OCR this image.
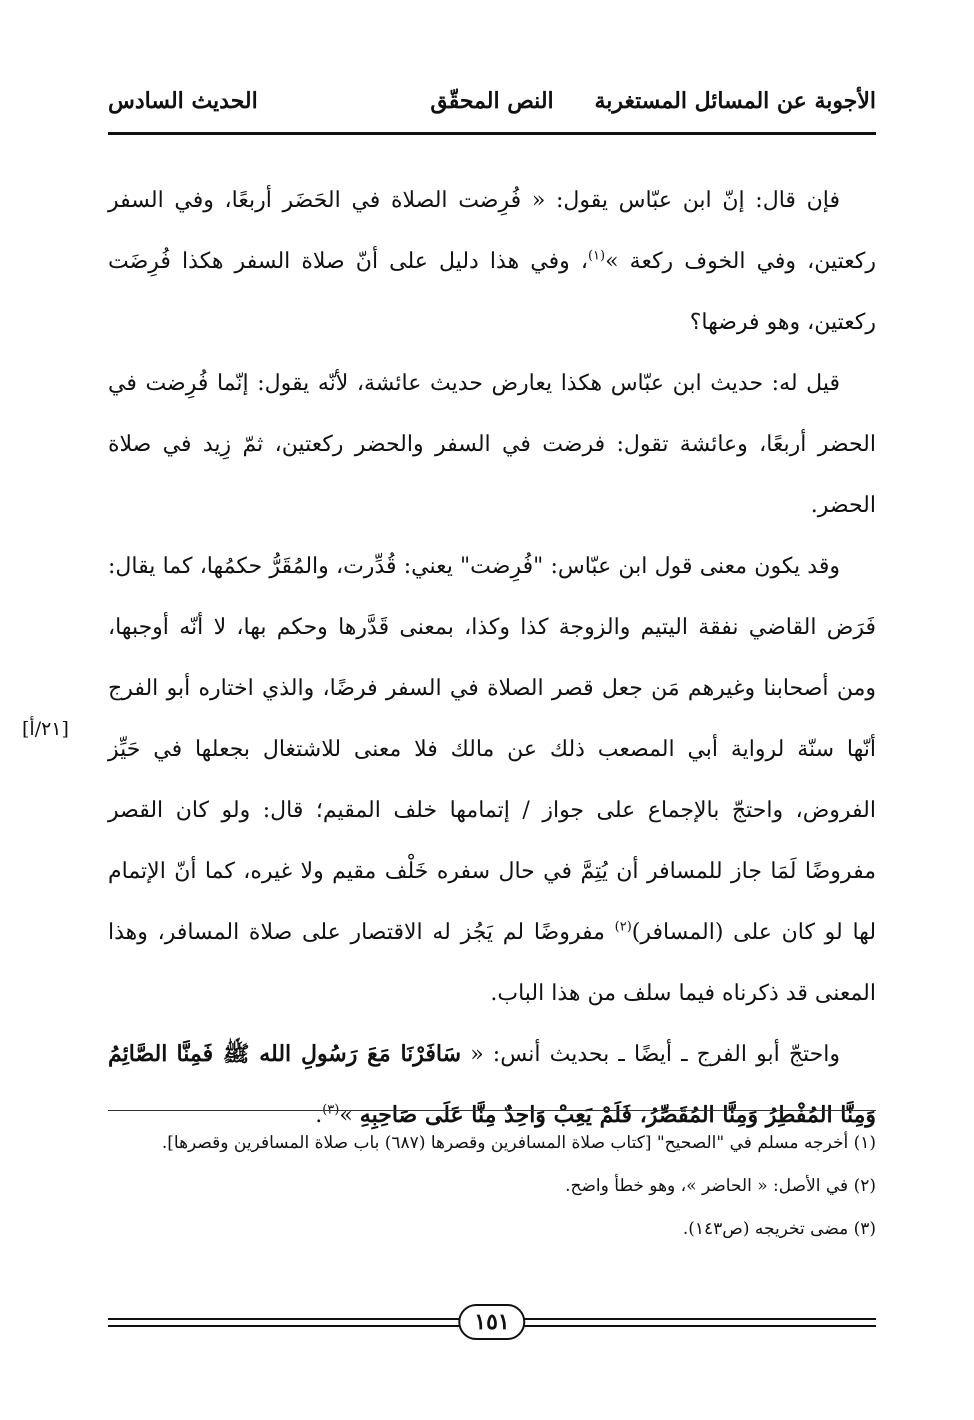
الأجوبة عن المسائل المستغربة
النص المحقّق
الحديث السادس
[٢١/أ]

فإن قال: إنّ ابن عبّاس يقول: « فُرِضت الصلاة في الحَضَر أربعًا، وفي السفر ركعتين، وفي الخوف ركعة »$^{(١)}$، وفي هذا دليل على أنّ صلاة السفر هكذا فُرِضَت ركعتين، وهو فرضها؟

قيل له: حديث ابن عبّاس هكذا يعارض حديث عائشة، لأنّه يقول: إنّما فُرِضت في الحضر أربعًا، وعائشة تقول: فرضت في السفر والحضر ركعتين، ثمّ زِيد في صلاة الحضر.

وقد يكون معنى قول ابن عبّاس: "فُرِضت" يعني: قُدِّرت، والمُقَرُّ حكمُها، كما يقال: فَرَض القاضي نفقة اليتيم والزوجة كذا وكذا، بمعنى قَدَّرها وحكم بها، لا أنّه أوجبها، ومن أصحابنا وغيرهم مَن جعل قصر الصلاة في السفر فرضًا، والذي اختاره أبو الفرج أنّها سنّة لرواية أبي المصعب ذلك عن مالك فلا معنى للاشتغال بجعلها في حَيِّز الفروض، واحتجّ بالإجماع على جواز / إتمامها خلف المقيم؛ قال: ولو كان القصر مفروضًا لَمَا جاز للمسافر أن يُتِمَّ في حال سفره خَلْف مقيم ولا غيره، كما أنّ الإتمام لها لو كان على (المسافر)$^{(٢)}$ مفروضًا لم يَجُز له الاقتصار على صلاة المسافر، وهذا المعنى قد ذكرناه فيما سلف من هذا الباب.

واحتجّ أبو الفرج ـ أيضًا ـ بحديث أنس: « سَافَرْنَا مَعَ رَسُولِ الله ﷺ فَمِنَّا الصَّائِمُ وَمِنَّا المُفْطِرُ وَمِنَّا المُقَصِّرُ، فَلَمْ يَعِبْ وَاحِدٌ مِنَّا عَلَى صَاحِبِهِ »$^{(٣)}$.

(١) أخرجه مسلم في "الصحيح" [كتاب صلاة المسافرين وقصرها (٦٨٧) باب صلاة المسافرين وقصرها].
(٢) في الأصل: « الحاضر »، وهو خطأ واضح.
(٣) مضى تخريجه (ص١٤٣).
١٥١
